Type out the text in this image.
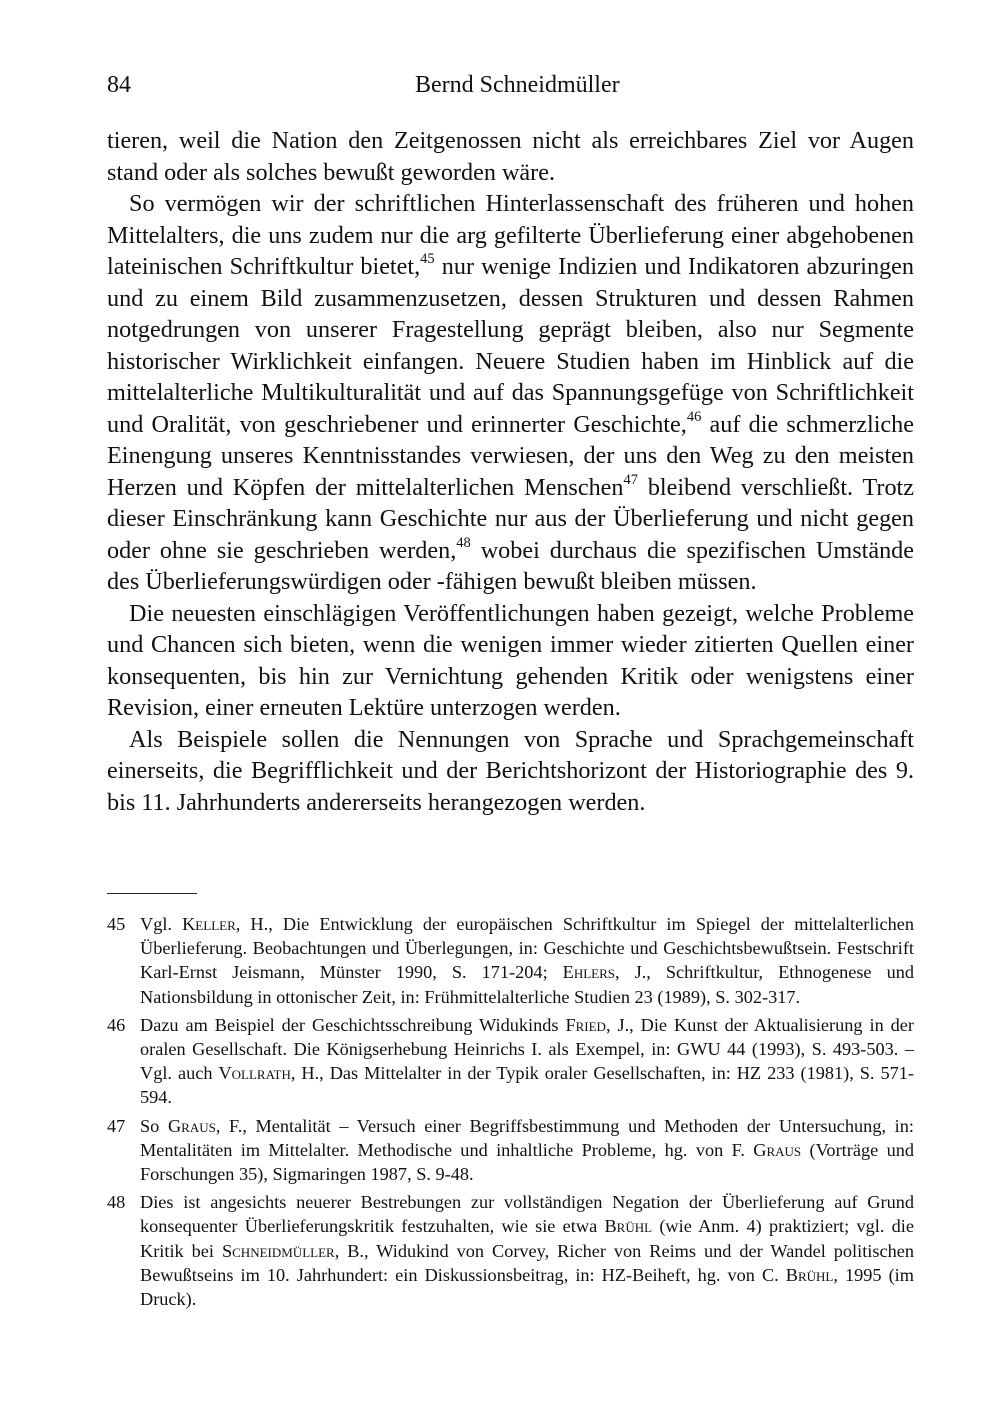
84	Bernd Schneidmüller

tieren, weil die Nation den Zeitgenossen nicht als erreichbares Ziel vor Augen stand oder als solches bewußt geworden wäre.

So vermögen wir der schriftlichen Hinterlassenschaft des früheren und hohen Mittelalters, die uns zudem nur die arg gefilterte Überlieferung einer abgehobenen lateinischen Schriftkultur bietet,$^{45}$ nur wenige Indizien und Indikatoren abzuringen und zu einem Bild zusammenzusetzen, dessen Strukturen und dessen Rahmen notgedrungen von unserer Fragestellung geprägt bleiben, also nur Segmente historischer Wirklichkeit einfangen. Neuere Studien haben im Hinblick auf die mittelalterliche Multikulturalität und auf das Spannungsgefüge von Schriftlichkeit und Oralität, von geschriebener und erinnerter Geschichte,$^{46}$ auf die schmerzliche Einengung unseres Kenntnisstandes verwiesen, der uns den Weg zu den meisten Herzen und Köpfen der mittelalterlichen Menschen$^{47}$ bleibend verschließt. Trotz dieser Einschränkung kann Geschichte nur aus der Überlieferung und nicht gegen oder ohne sie geschrieben werden,$^{48}$ wobei durchaus die spezifischen Umstände des Überlieferungswürdigen oder -fähigen bewußt bleiben müssen.

Die neuesten einschlägigen Veröffentlichungen haben gezeigt, welche Probleme und Chancen sich bieten, wenn die wenigen immer wieder zitierten Quellen einer konsequenten, bis hin zur Vernichtung gehenden Kritik oder wenigstens einer Revision, einer erneuten Lektüre unterzogen werden.

Als Beispiele sollen die Nennungen von Sprache und Sprachgemeinschaft einerseits, die Begrifflichkeit und der Berichtshorizont der Historiographie des 9. bis 11. Jahrhunderts andererseits herangezogen werden.

45 Vgl. Keller, H., Die Entwicklung der europäischen Schriftkultur im Spiegel der mittelalterlichen Überlieferung. Beobachtungen und Überlegungen, in: Geschichte und Geschichtsbewußtsein. Festschrift Karl-Ernst Jeismann, Münster 1990, S. 171-204; Ehlers, J., Schriftkultur, Ethnogenese und Nationsbildung in ottonischer Zeit, in: Frühmittelalterliche Studien 23 (1989), S. 302-317.
46 Dazu am Beispiel der Geschichtsschreibung Widukinds Fried, J., Die Kunst der Aktualisierung in der oralen Gesellschaft. Die Königserhebung Heinrichs I. als Exempel, in: GWU 44 (1993), S. 493-503. – Vgl. auch Vollrath, H., Das Mittelalter in der Typik oraler Gesellschaften, in: HZ 233 (1981), S. 571-594.
47 So Graus, F., Mentalität – Versuch einer Begriffsbestimmung und Methoden der Untersuchung, in: Mentalitäten im Mittelalter. Methodische und inhaltliche Probleme, hg. von F. Graus (Vorträge und Forschungen 35), Sigmaringen 1987, S. 9-48.
48 Dies ist angesichts neuerer Bestrebungen zur vollständigen Negation der Überlieferung auf Grund konsequenter Überlieferungskritik festzuhalten, wie sie etwa Brühl (wie Anm. 4) praktiziert; vgl. die Kritik bei Schneidmüller, B., Widukind von Corvey, Richer von Reims und der Wandel politischen Bewußtseins im 10. Jahrhundert: ein Diskussionsbeitrag, in: HZ-Beiheft, hg. von C. Brühl, 1995 (im Druck).
